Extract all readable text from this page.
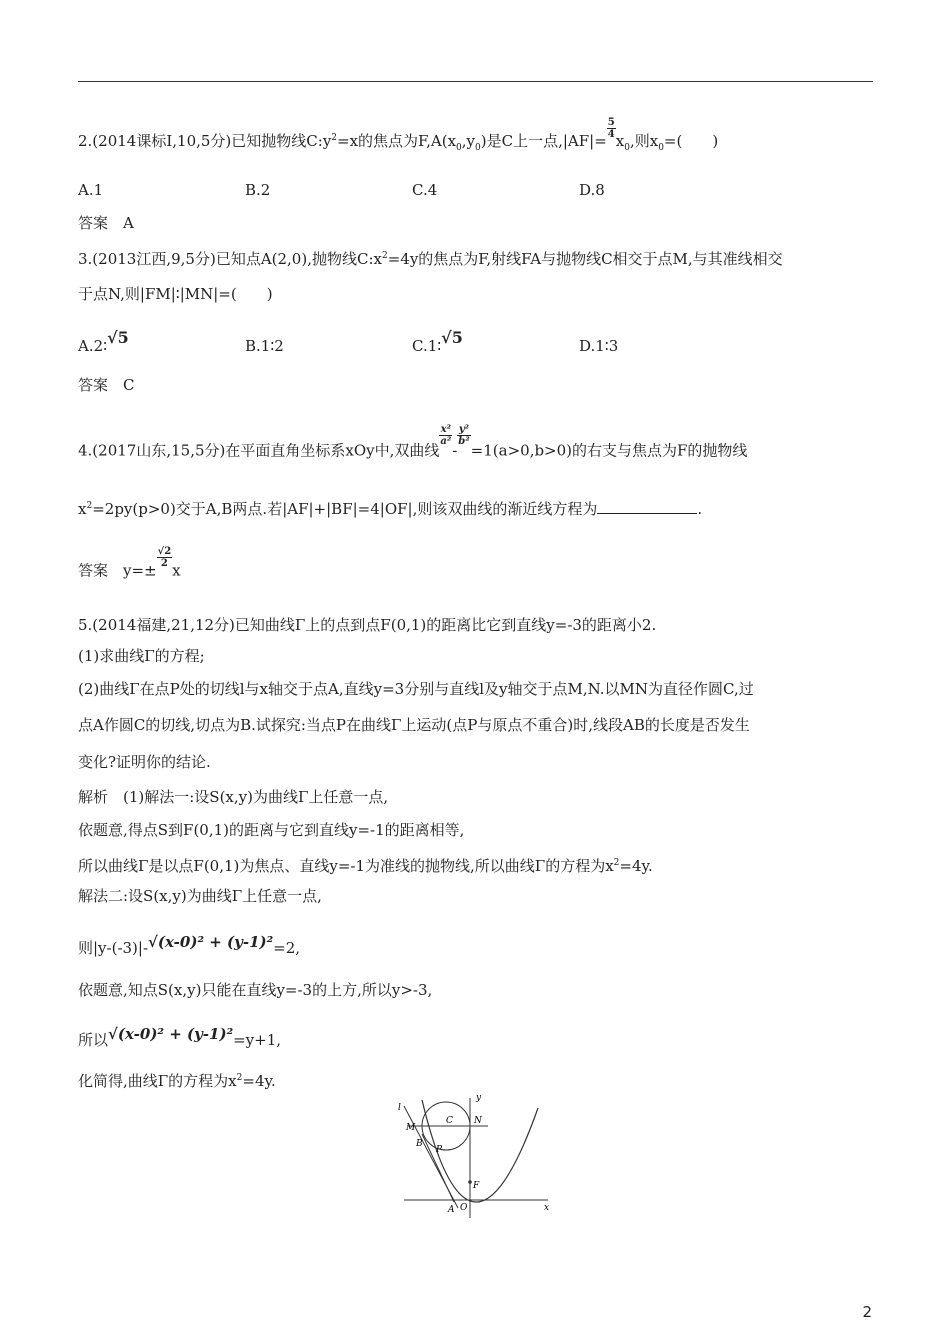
2.(2014课标Ⅰ,10,5分)已知抛物线$C:y^2=x$的焦点为$F,A(x_0,y_0)$是C上一点,|AF|=
$\frac{5}{4}$
$x_0$,则$x_0=$(　　)
A.1	B.2	C.4	D.8
答案　A
3.(2013江西,9,5分)已知点A(2,0),抛物线$C:x^2=4y$的焦点为F,射线FA与抛物线C相交于点M,与其准线相交
于点N,则|FM|∶|MN|=(　　)
A.2∶√5	B.1∶2	C.1∶√5	D.1∶3
答案　C
4.(2017山东,15,5分)在平面直角坐标系xOy中,双曲线
$\frac{\text{x²}}{\text{a²}}$
-
$\frac{\text{y²}}{\text{b²}}$
=1(a>0,b>0)的右支与焦点为F的抛物线
$x^2=2py(p>0)$交于A,B两点.若|AF|+|BF|=4|OF|,则该双曲线的渐近线方程为	.
答案　y=±
$\frac{√2}{2}$
x
5.(2014福建,21,12分)已知曲线Γ上的点到点F(0,1)的距离比它到直线y=-3的距离小2.
(1)求曲线Γ的方程;
(2)曲线Γ在点P处的切线l与x轴交于点A,直线y=3分别与直线l及y轴交于点M,N.以MN为直径作圆C,过
点A作圆C的切线,切点为B.试探究:当点P在曲线Γ上运动(点P与原点不重合)时,线段AB的长度是否发生
变化?证明你的结论.
解析　(1)解法一:设S(x,y)为曲线Γ上任意一点,
依题意,得点S到F(0,1)的距离与它到直线y=-1的距离相等,
所以曲线Γ是以点F(0,1)为焦点、直线y=-1为准线的抛物线,所以曲线Γ的方程为$x^2=4y$.
解法二:设S(x,y)为曲线Γ上任意一点,
则|y-(-3)|-√(x-0)² + (y-1)²=2,
依题意,知点S(x,y)只能在直线y=-3的上方,所以y>-3,
所以√(x-0)² + (y-1)²=y+1,
化简得,曲线Γ的方程为$x^2=4y$.
y
x
l
M
C N
B
P
F
A O
2
